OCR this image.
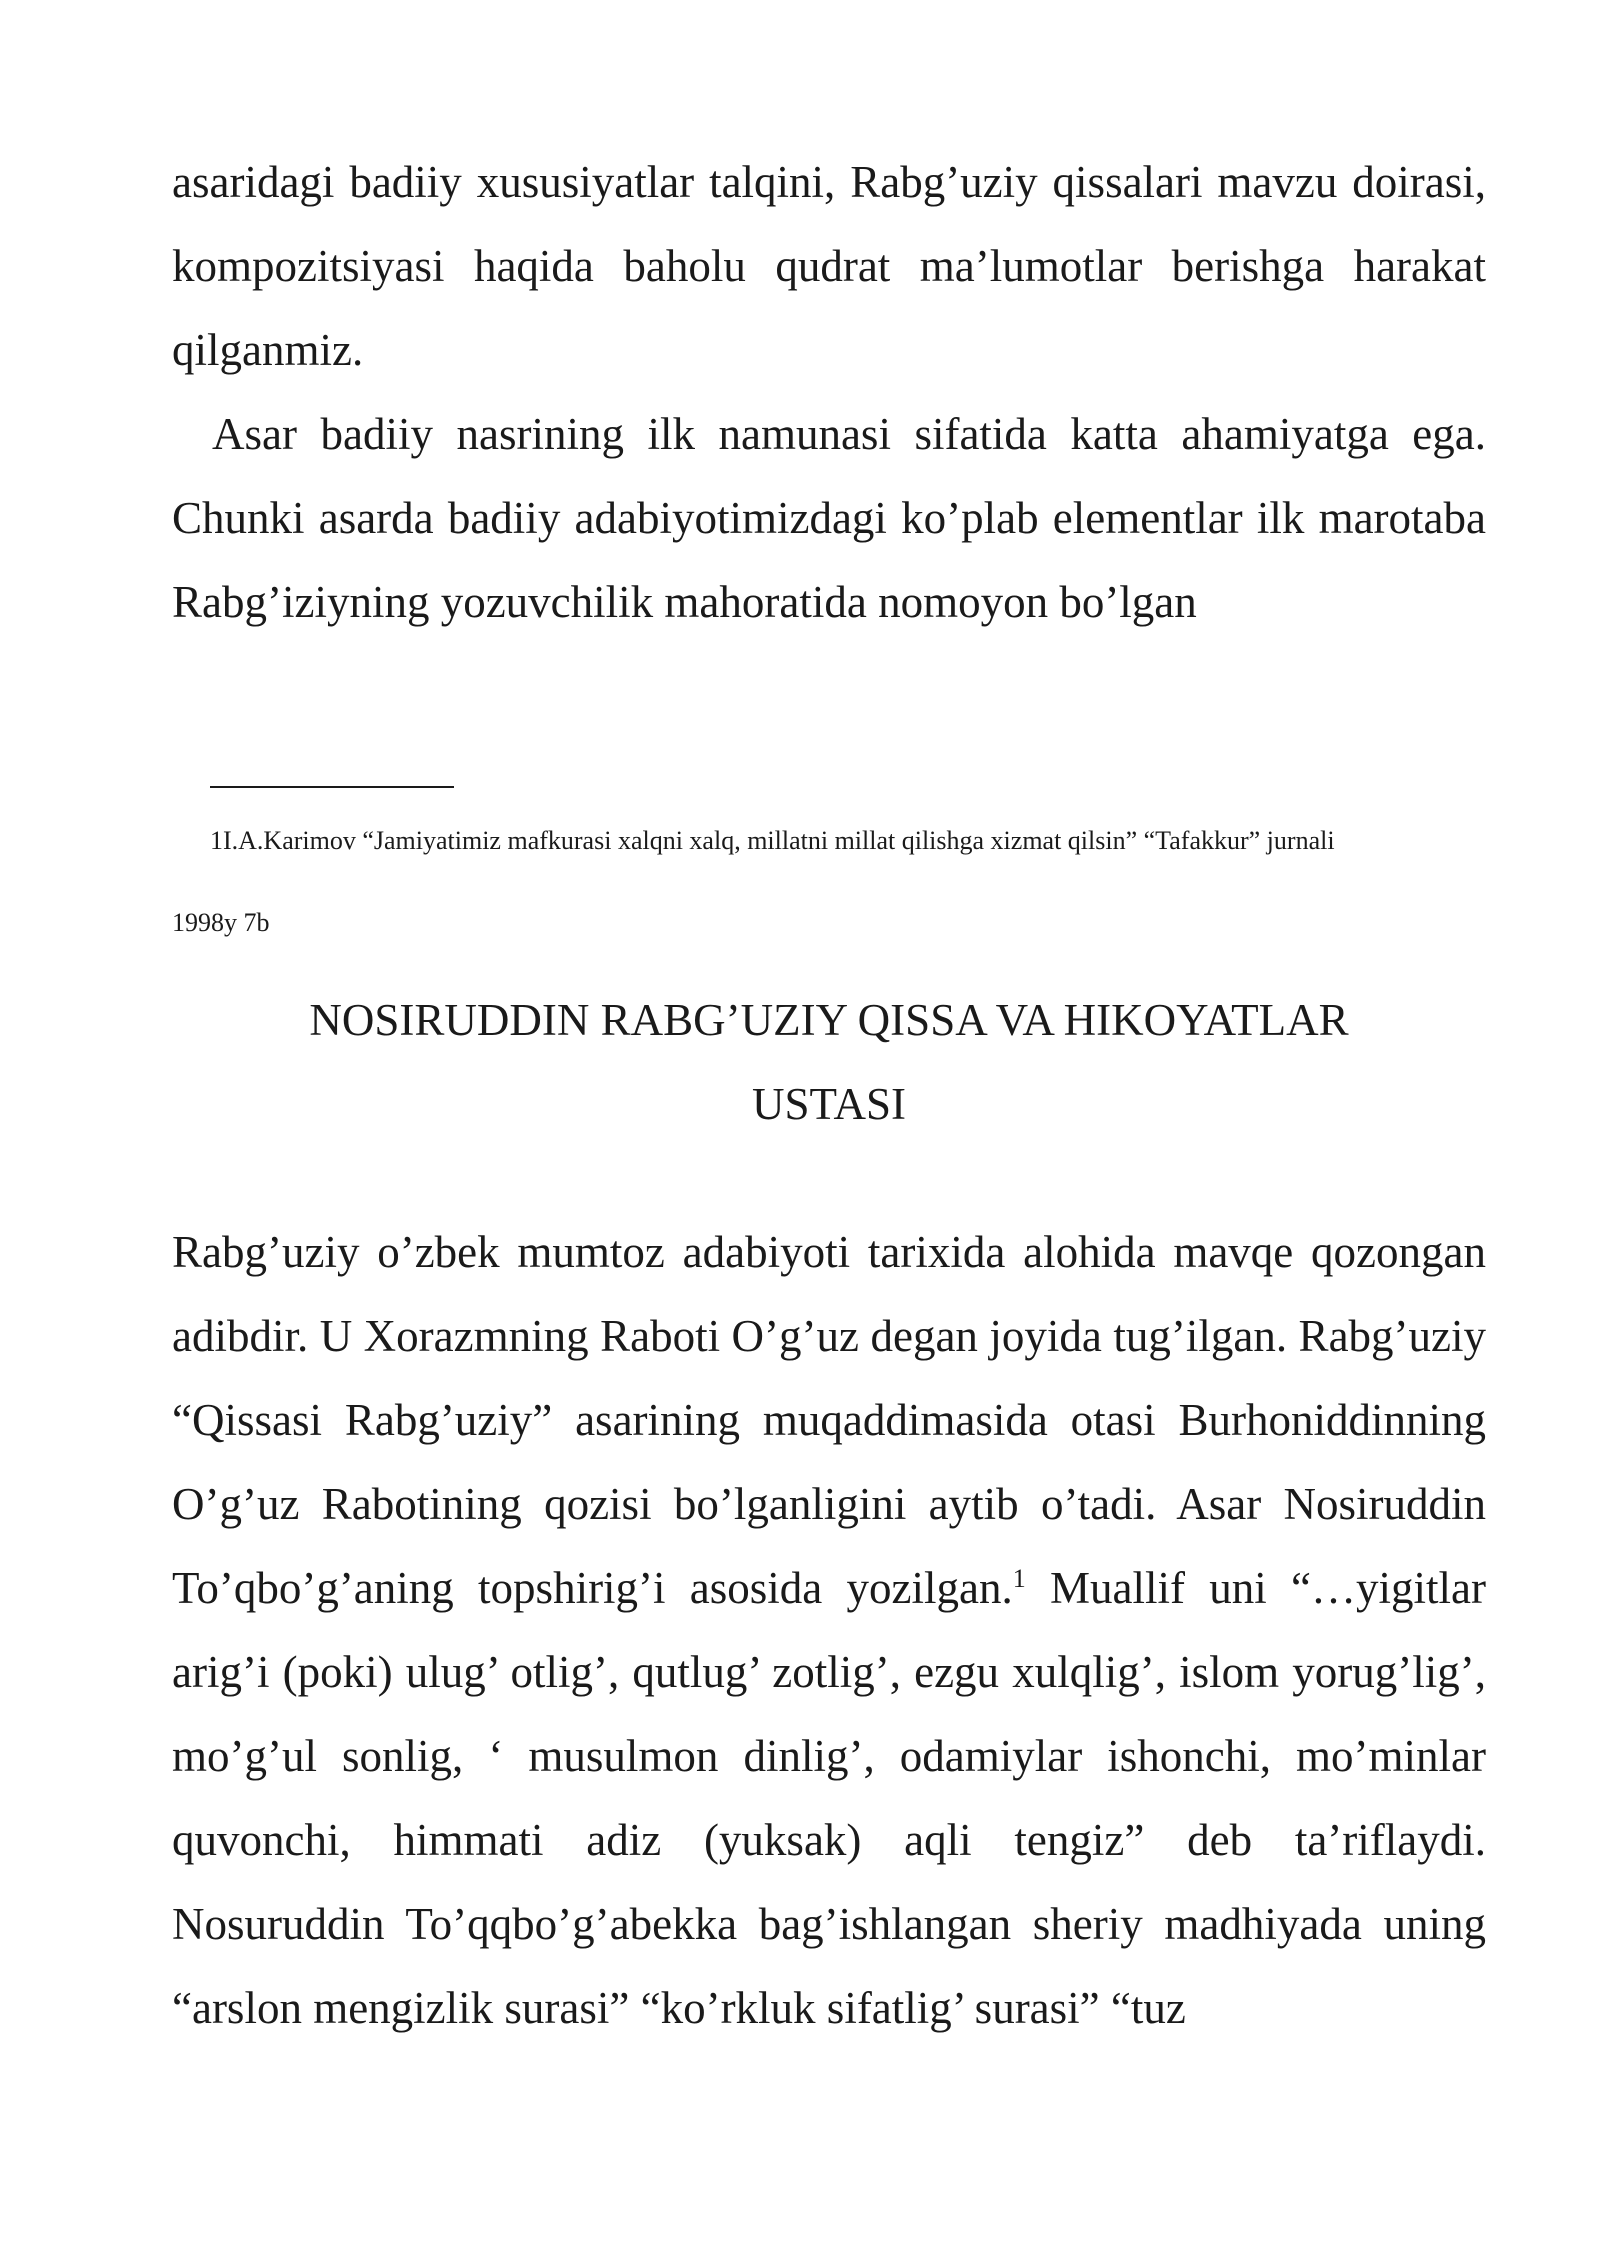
asaridagi badiiy xususiyatlar talqini, Rabg’uziy qissalari mavzu doirasi, kompozitsiyasi haqida baholu qudrat ma’lumotlar berishga harakat qilganmiz.

Asar badiiy nasrining ilk namunasi sifatida katta ahamiyatga ega. Chunki asarda badiiy adabiyotimizdagi ko’plab elementlar ilk marotaba Rabg’iziyning yozuvchilik mahoratida nomoyon bo’lgan

1I.A.Karimov “Jamiyatimiz mafkurasi xalqni xalq, millatni millat qilishga xizmat qilsin” “Tafakkur” jurnali
1998y 7b
NOSIRUDDIN RABG’UZIY QISSA VA HIKOYATLAR
USTASI

Rabg’uziy o’zbek mumtoz adabiyoti tarixida alohida mavqe qozongan adibdir. U Xorazmning Raboti O’g’uz degan joyida tug’ilgan. Rabg’uziy “Qissasi Rabg’uziy” asarining muqaddimasida otasi Burhoniddinning O’g’uz Rabotining qozisi bo’lganligini aytib o’tadi. Asar Nosiruddin To’qbo’g’aning topshirig’i asosida yozilgan.$^1$ Muallif uni “…yigitlar arig’i (poki) ulug’ otlig’, qutlug’ zotlig’, ezgu xulqlig’, islom yorug’lig’, mo’g’ul sonlig, ‘ musulmon dinlig’, odamiylar ishonchi, mo’minlar quvonchi, himmati adiz (yuksak) aqli tengiz” deb ta’riflaydi. Nosuruddin To’qqbo’g’abekka bag’ishlangan sheriy madhiyada uning “arslon mengizlik surasi” “ko’rkluk sifatlig’ surasi” “tuz
